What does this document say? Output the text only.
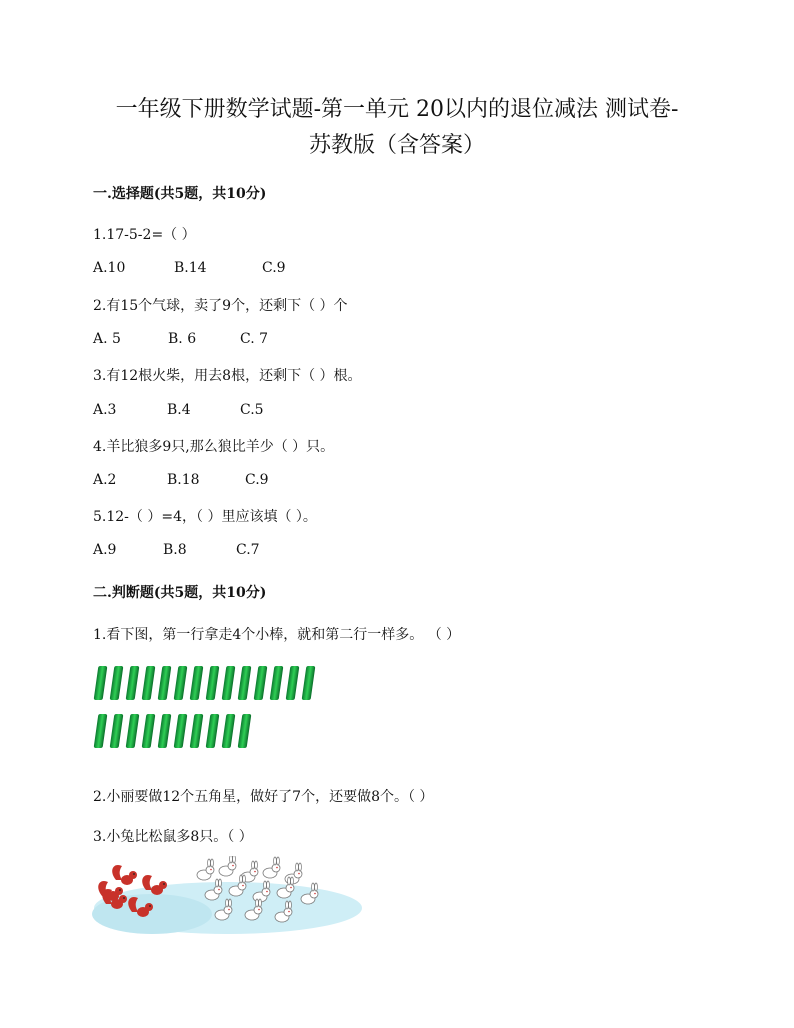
一年级下册数学试题-第一单元 20以内的退位减法 测试卷-
苏教版（含答案）
一.选择题(共5题，共10分)
1.17-5-2=（ ）
A.10	B.14	C.9
2.有15个气球，卖了9个，还剩下（ ）个
A. 5	B. 6	C. 7
3.有12根火柴，用去8根，还剩下（ ）根。
A.3	B.4	C.5
4.羊比狼多9只,那么狼比羊少（ ）只。
A.2	B.18	C.9
5.12-（ ）=4，（ ）里应该填（ ）。
A.9	B.8	C.7
二.判断题(共5题，共10分)
1.看下图，第一行拿走4个小棒，就和第二行一样多。 （ ）
2.小丽要做12个五角星，做好了7个，还要做8个。（ ）
3.小兔比松鼠多8只。（ ）
